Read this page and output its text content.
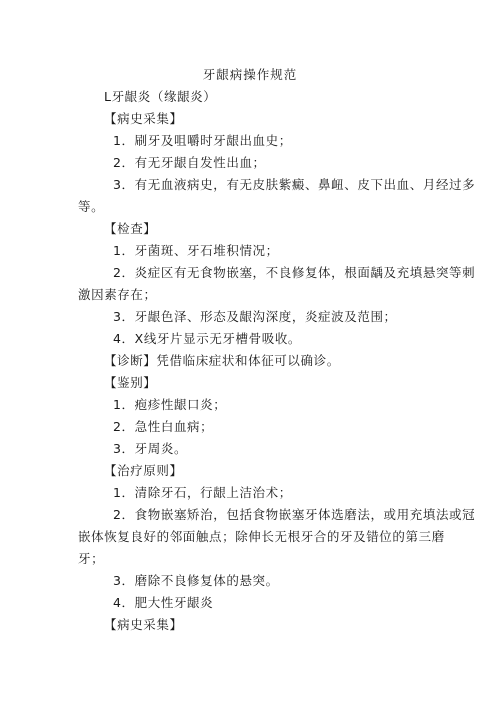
牙龈病操作规范
L牙龈炎（缘龈炎）
【病史采集】
1．刷牙及咀嚼时牙龈出血史；
2．有无牙龈自发性出血；
3．有无血液病史，有无皮肤紫癜、鼻衄、皮下出血、月经过多
等。
【检查】
1．牙菌斑、牙石堆积情况；
2．炎症区有无食物嵌塞，不良修复体，根面龋及充填悬突等刺
激因素存在；
3．牙龈色泽、形态及龈沟深度，炎症波及范围；
4．X线牙片显示无牙槽骨吸收。
【诊断】凭借临床症状和体征可以确诊。
【鉴别】
1．疱疹性龈口炎；
2．急性白血病；
3．牙周炎。
【治疗原则】
1．清除牙石，行龈上洁治术；
2．食物嵌塞矫治，包括食物嵌塞牙体选磨法，或用充填法或冠
嵌体恢复良好的邻面触点；除伸长无根牙合的牙及错位的第三磨
牙；
3．磨除不良修复体的悬突。
4．肥大性牙龈炎
【病史采集】
